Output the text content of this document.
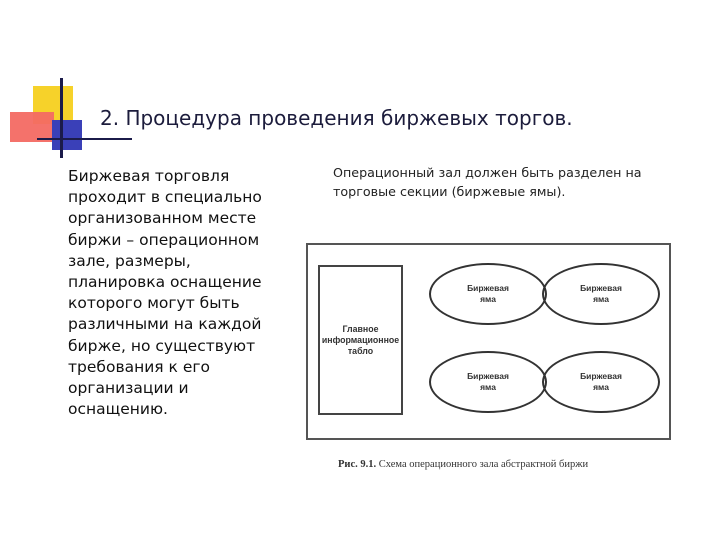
2. Процедура проведения биржевых торгов.
Биржевая торговля проходит в специально организованном месте биржи – операционном зале, размеры, планировка оснащение которого могут быть различными на каждой бирже, но существуют требования к его организации и оснащению.
Операционный зал должен быть разделен на торговые секции (биржевые ямы).
Главное информационное табло
Биржевая яма
Биржевая яма
Биржевая яма
Биржевая яма
Рис. 9.1. Схема операционного зала абстрактной биржи
